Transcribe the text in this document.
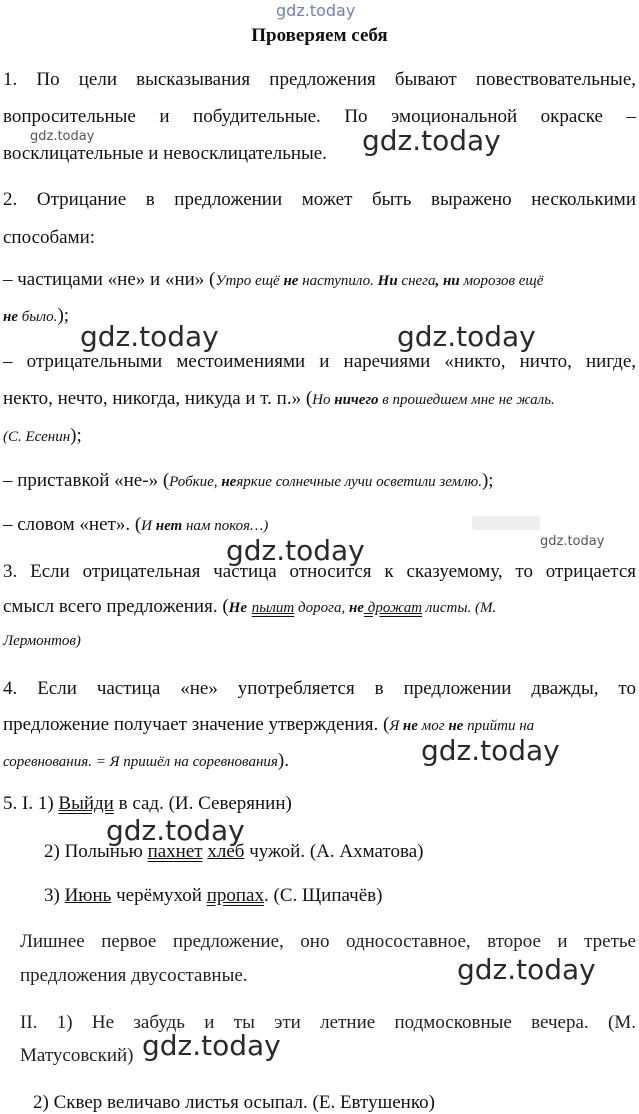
gdz.today
Проверяем себя
1. По цели высказывания предложения бывают повествовательные,
вопросительные и побудительные. По эмоциональной окраске –
восклицательные и невосклицательные.
2. Отрицание в предложении может быть выражено несколькими
способами:
– частицами «не» и «ни» (Утро ещё не наступило. Ни снега, ни морозов ещё
не было.);
– отрицательными местоимениями и наречиями «никто, ничто, нигде,
некто, нечто, никогда, никуда и т. п.» (Но ничего в прошедшем мне не жаль.
(С. Есенин);
– приставкой «не-» (Робкие, неяркие солнечные лучи осветили землю.);
– словом «нет». (И нет нам покоя…)
3. Если отрицательная частица относится к сказуемому, то отрицается
смысл всего предложения. (Не пылит дорога, не дрожат листы. (М.
Лермонтов)
4. Если частица «не» употребляется в предложении дважды, то
предложение получает значение утверждения. (Я не мог не прийти на
соревнования. = Я пришёл на соревнования).
5. I. 1) Выйди в сад. (И. Северянин)
2) Полынью пахнет хлеб чужой. (А. Ахматова)
3) Июнь черёмухой пропах. (С. Щипачёв)
Лишнее первое предложение, оно односоставное, второе и третье
предложения двусоставные.
II. 1) Не забудь и ты эти летние подмосковные вечера. (М.
Матусовский)
2) Сквер величаво листья осыпал. (Е. Евтушенко)
gdz.today	gdz.today
gdz.today	gdz.today
gdz.today	gdz.today
gdz.today
gdz.today
gdz.today
gdz.today
